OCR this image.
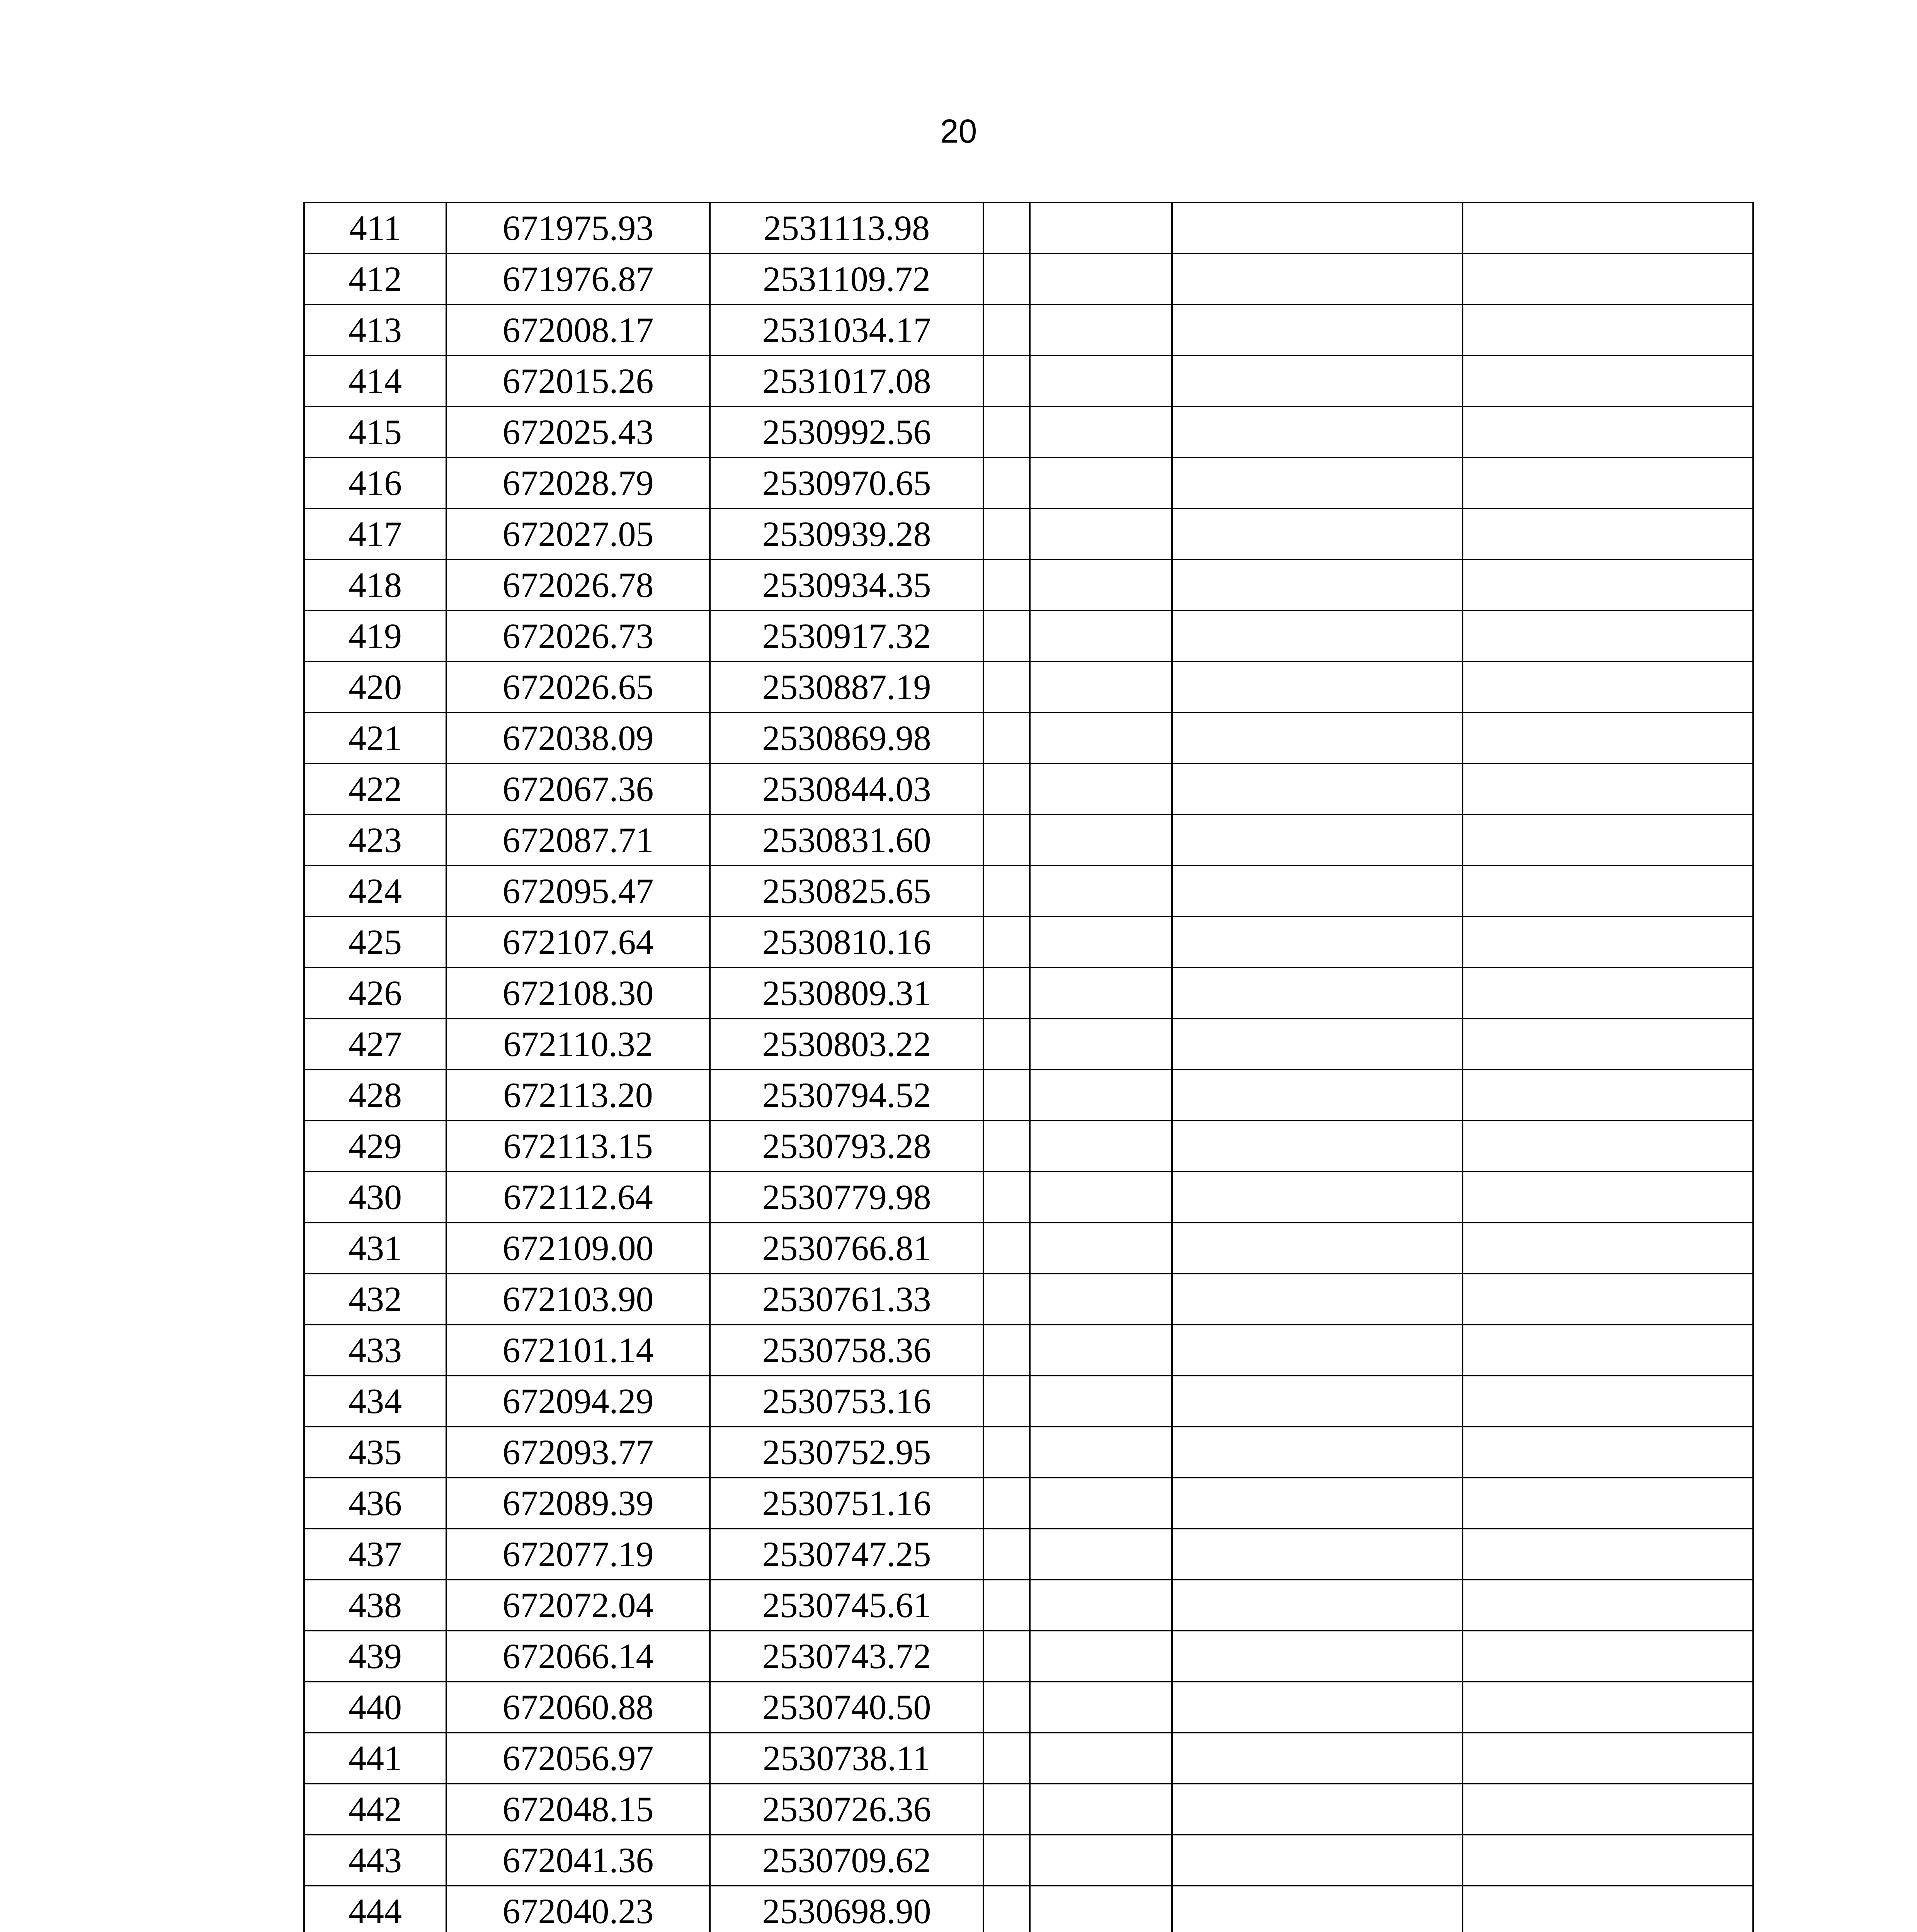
20
411	671975.93	2531113.98				
412	671976.87	2531109.72				
413	672008.17	2531034.17				
414	672015.26	2531017.08				
415	672025.43	2530992.56				
416	672028.79	2530970.65				
417	672027.05	2530939.28				
418	672026.78	2530934.35				
419	672026.73	2530917.32				
420	672026.65	2530887.19				
421	672038.09	2530869.98				
422	672067.36	2530844.03				
423	672087.71	2530831.60				
424	672095.47	2530825.65				
425	672107.64	2530810.16				
426	672108.30	2530809.31				
427	672110.32	2530803.22				
428	672113.20	2530794.52				
429	672113.15	2530793.28				
430	672112.64	2530779.98				
431	672109.00	2530766.81				
432	672103.90	2530761.33				
433	672101.14	2530758.36				
434	672094.29	2530753.16				
435	672093.77	2530752.95				
436	672089.39	2530751.16				
437	672077.19	2530747.25				
438	672072.04	2530745.61				
439	672066.14	2530743.72				
440	672060.88	2530740.50				
441	672056.97	2530738.11				
442	672048.15	2530726.36				
443	672041.36	2530709.62				
444	672040.23	2530698.90				
